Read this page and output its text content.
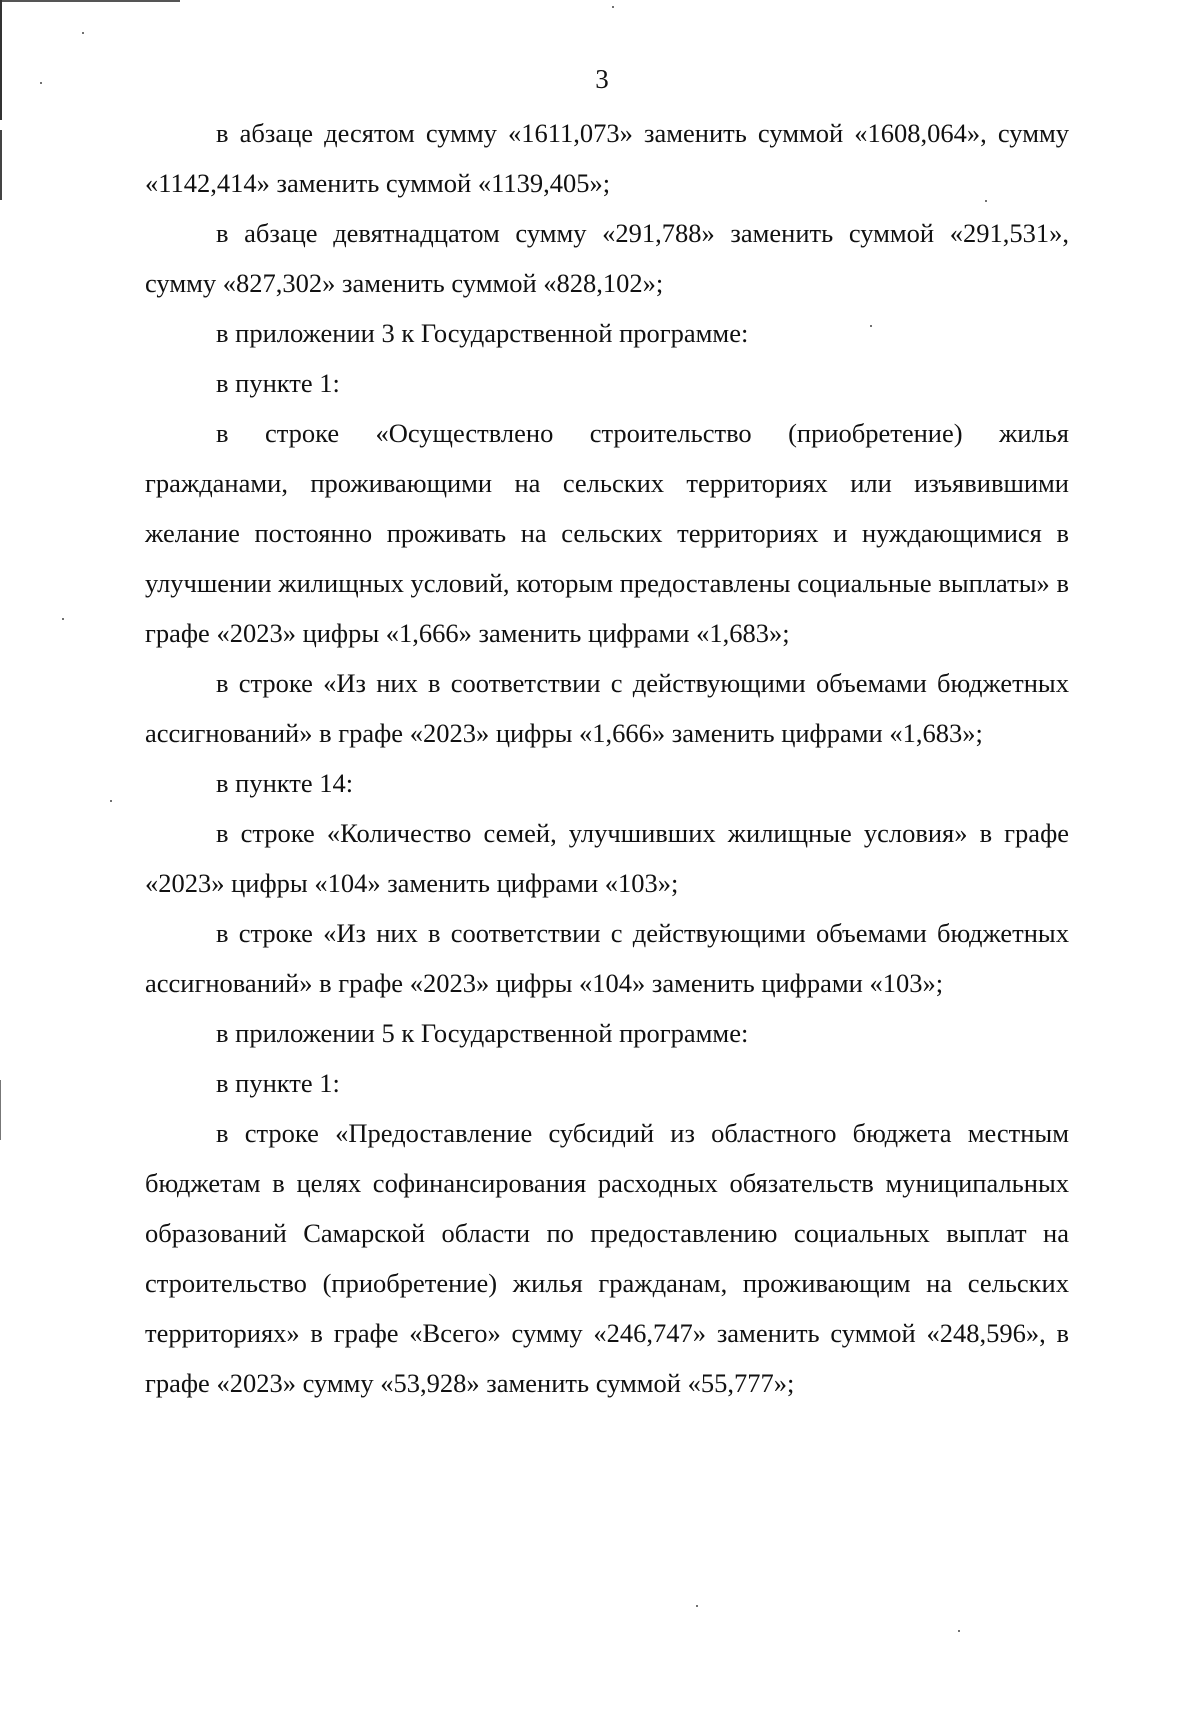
3

в абзаце десятом сумму «1611,073» заменить суммой «1608,064», сумму «1142,414» заменить суммой «1139,405»;

в абзаце девятнадцатом сумму «291,788» заменить суммой «291,531», сумму «827,302» заменить суммой «828,102»;

в приложении 3 к Государственной программе:

в пункте 1:

в строке «Осуществлено строительство (приобретение) жилья гражданами, проживающими на сельских территориях или изъявившими желание постоянно проживать на сельских территориях и нуждающимися в улучшении жилищных условий, которым предоставлены социальные выплаты» в графе «2023» цифры «1,666» заменить цифрами «1,683»;

в строке «Из них в соответствии с действующими объемами бюджетных ассигнований» в графе «2023» цифры «1,666» заменить цифрами «1,683»;

в пункте 14:

в строке «Количество семей, улучшивших жилищные условия» в графе «2023» цифры «104» заменить цифрами «103»;

в строке «Из них в соответствии с действующими объемами бюджетных ассигнований» в графе «2023» цифры «104» заменить цифрами «103»;

в приложении 5 к Государственной программе:

в пункте 1:

в строке «Предоставление субсидий из областного бюджета местным бюджетам в целях софинансирования расходных обязательств муниципальных образований Самарской области по предоставлению социальных выплат на строительство (приобретение) жилья гражданам, проживающим на сельских территориях» в графе «Всего» сумму «246,747» заменить суммой «248,596», в графе «2023» сумму «53,928» заменить суммой «55,777»;
